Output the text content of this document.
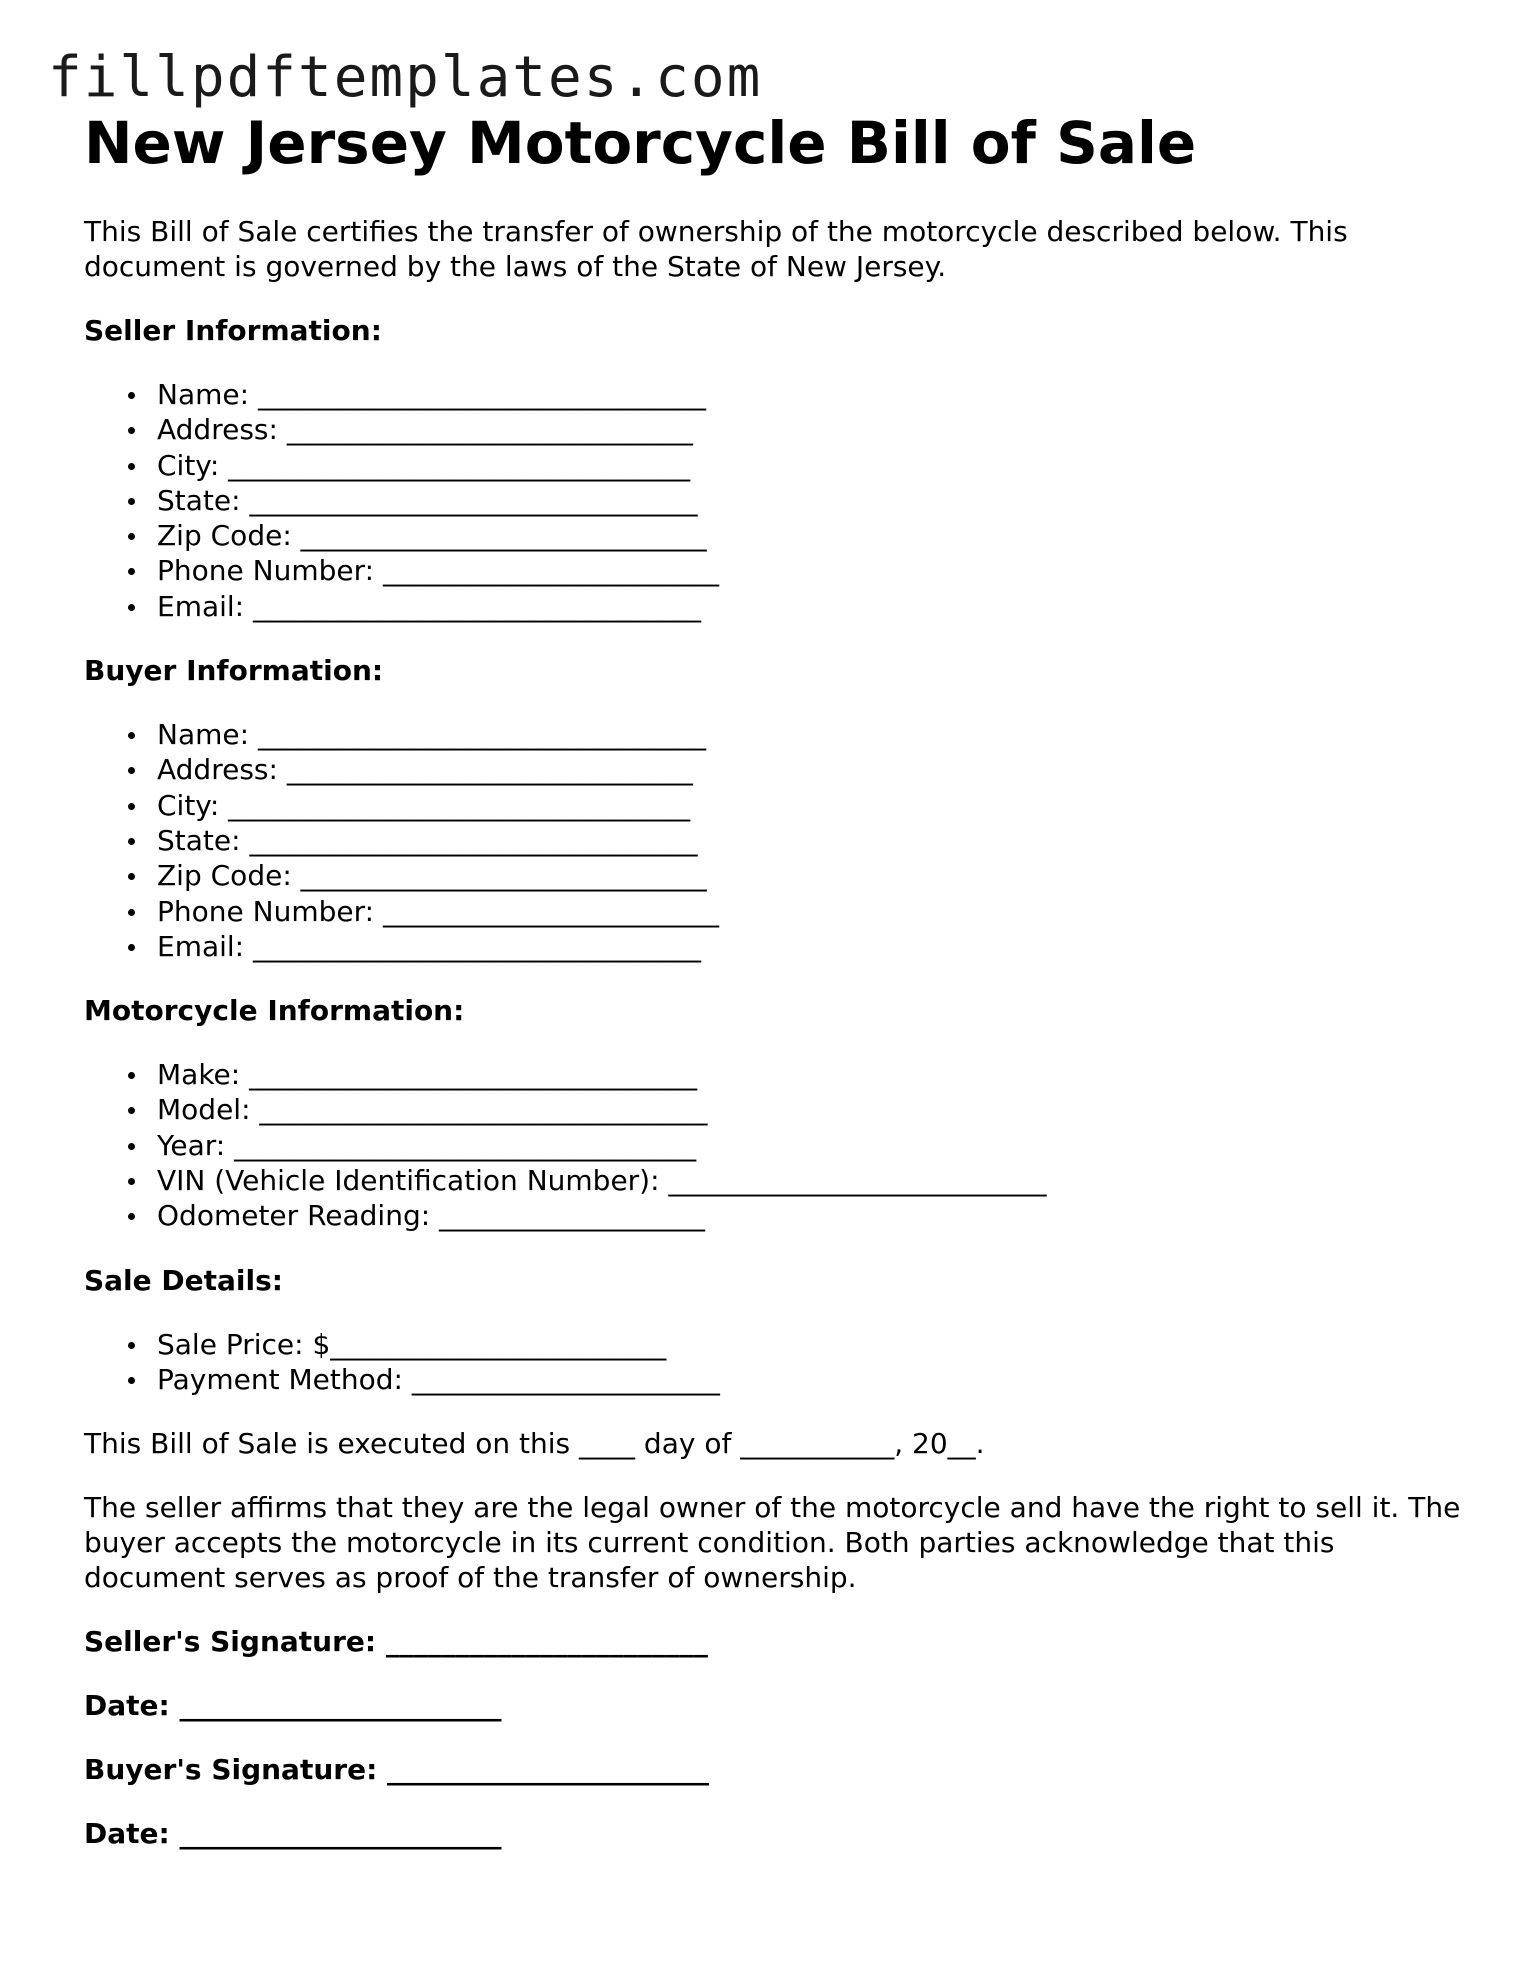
fillpdftemplates.com
New Jersey Motorcycle Bill of Sale

This Bill of Sale certifies the transfer of ownership of the motorcycle described below. This document is governed by the laws of the State of New Jersey.

Seller Information:
Name: ________________________________
Address: _____________________________
City: _________________________________
State: ________________________________
Zip Code: _____________________________
Phone Number: ________________________
Email: ________________________________
Buyer Information:
Name: ________________________________
Address: _____________________________
City: _________________________________
State: ________________________________
Zip Code: _____________________________
Phone Number: ________________________
Email: ________________________________
Motorcycle Information:
Make: ________________________________
Model: ________________________________
Year: _________________________________
VIN (Vehicle Identification Number): ___________________________
Odometer Reading: ___________________
Sale Details:
Sale Price: $________________________
Payment Method: ______________________

This Bill of Sale is executed on this ____ day of ___________, 20__.

The seller affirms that they are the legal owner of the motorcycle and have the right to sell it. The buyer accepts the motorcycle in its current condition. Both parties acknowledge that this document serves as proof of the transfer of ownership.

Seller's Signature: _______________________
Date: _______________________
Buyer's Signature: _______________________
Date: _______________________
